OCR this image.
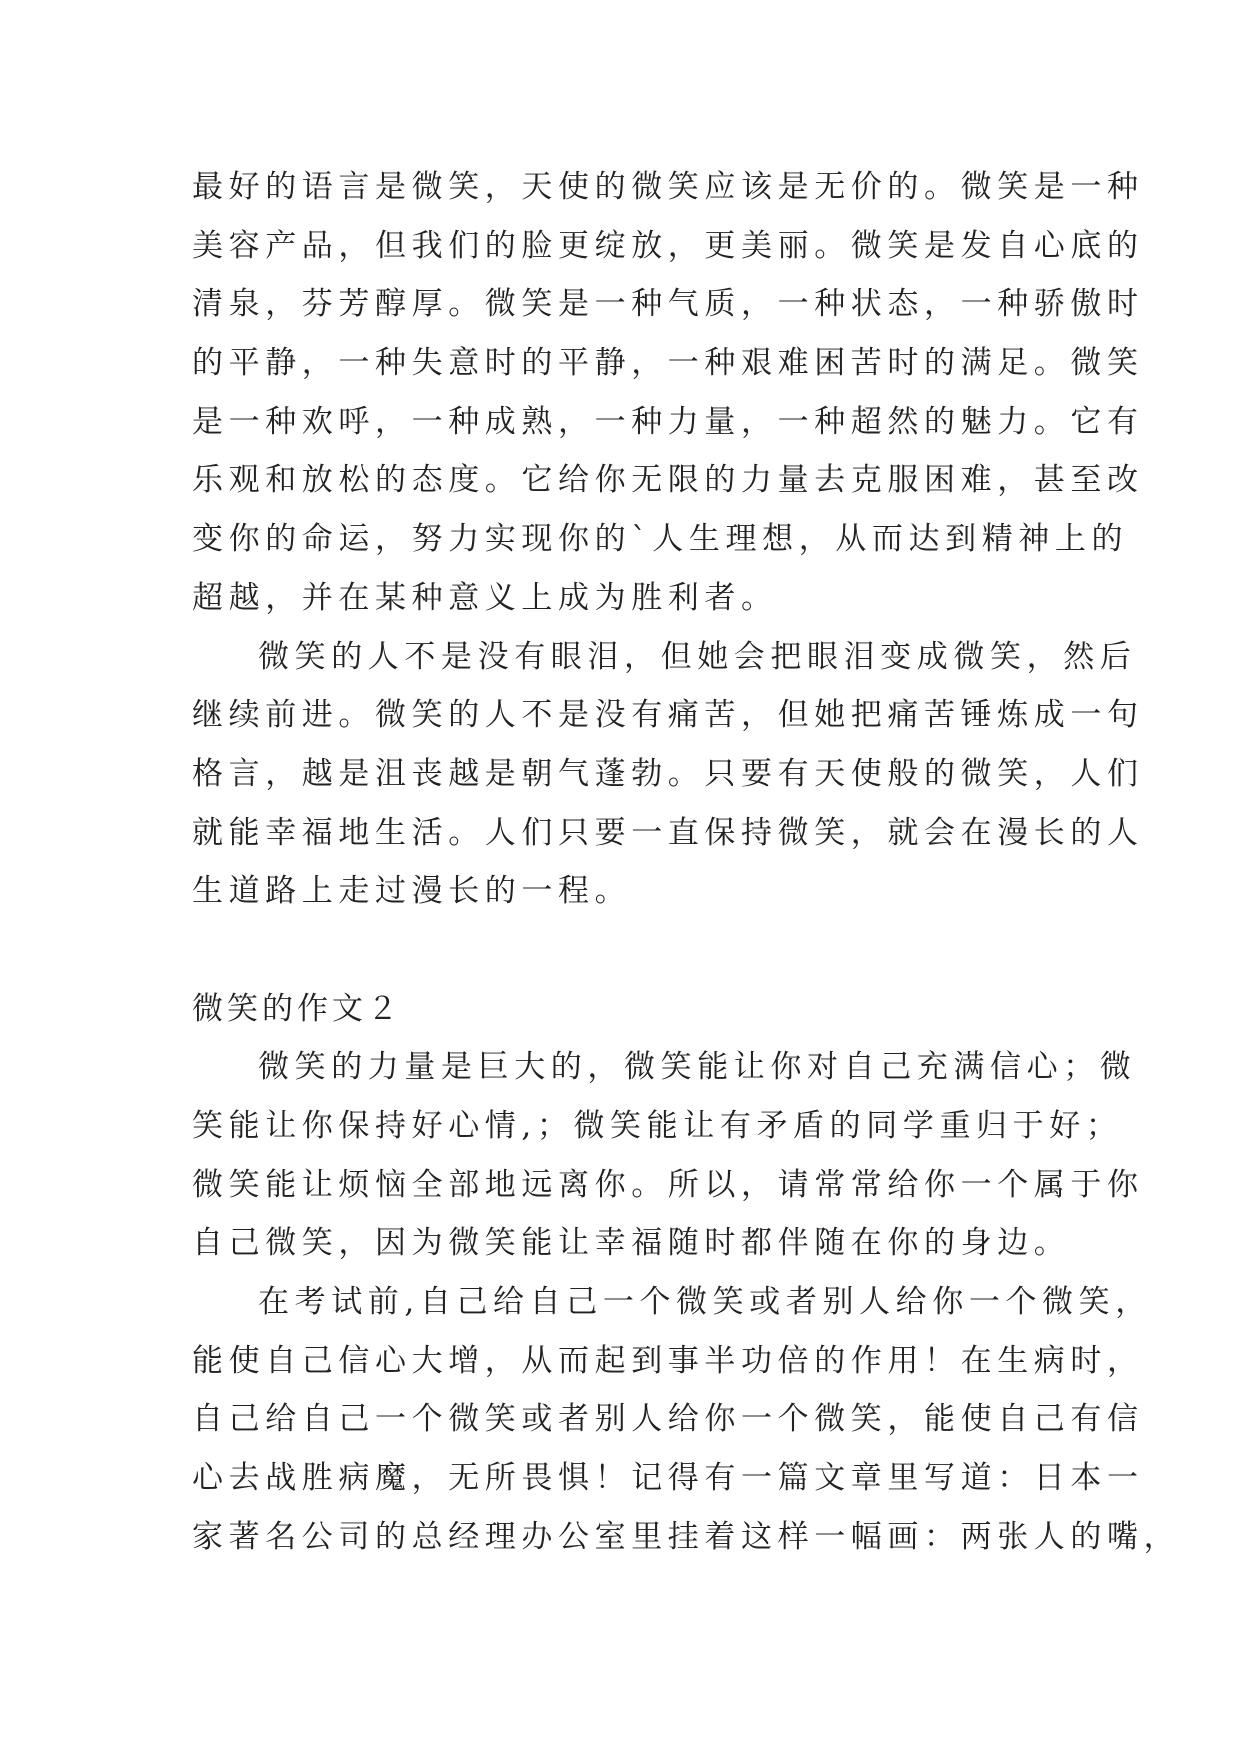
最好的语言是微笑，天使的微笑应该是无价的。微笑是一种
美容产品，但我们的脸更绽放，更美丽。微笑是发自心底的
清泉，芬芳醇厚。微笑是一种气质，一种状态，一种骄傲时
的平静，一种失意时的平静，一种艰难困苦时的满足。微笑
是一种欢呼，一种成熟，一种力量，一种超然的魅力。它有
乐观和放松的态度。它给你无限的力量去克服困难，甚至改
变你的命运，努力实现你的`人生理想，从而达到精神上的
超越，并在某种意义上成为胜利者。
微笑的人不是没有眼泪，但她会把眼泪变成微笑，然后
继续前进。微笑的人不是没有痛苦，但她把痛苦锤炼成一句
格言，越是沮丧越是朝气蓬勃。只要有天使般的微笑，人们
就能幸福地生活。人们只要一直保持微笑，就会在漫长的人
生道路上走过漫长的一程。
微笑的作文２
微笑的力量是巨大的，微笑能让你对自己充满信心；微
笑能让你保持好心情,；微笑能让有矛盾的同学重归于好；
微笑能让烦恼全部地远离你。所以，请常常给你一个属于你
自己微笑，因为微笑能让幸福随时都伴随在你的身边。
在考试前,自己给自己一个微笑或者别人给你一个微笑，
能使自己信心大增，从而起到事半功倍的作用！在生病时，
自己给自己一个微笑或者别人给你一个微笑，能使自己有信
心去战胜病魔，无所畏惧！记得有一篇文章里写道：日本一
家著名公司的总经理办公室里挂着这样一幅画：两张人的嘴，
